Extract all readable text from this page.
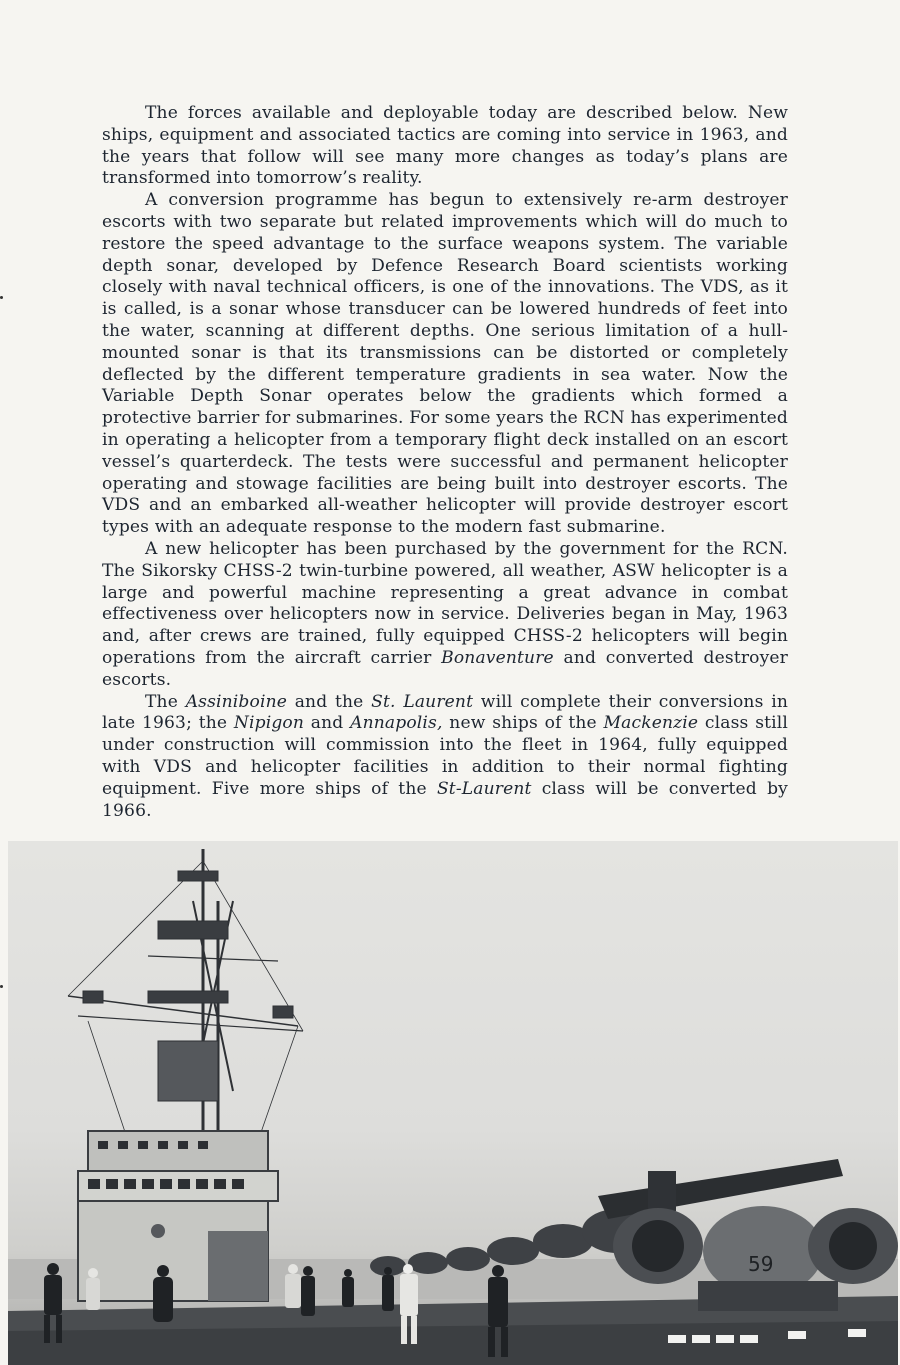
The forces available and deployable today are described below. New ships, equipment and associated tactics are coming into service in 1963, and the years that follow will see many more changes as today’s plans are transformed into tomorrow’s reality.

A conversion programme has begun to extensively re-arm destroyer escorts with two separate but related improvements which will do much to restore the speed advantage to the surface weapons system. The variable depth sonar, developed by Defence Research Board scientists working closely with naval technical officers, is one of the innovations. The VDS, as it is called, is a sonar whose transducer can be lowered hundreds of feet into the water, scanning at different depths. One serious limitation of a hull-mounted sonar is that its transmissions can be distorted or completely deflected by the different temperature gradients in sea water. Now the Variable Depth Sonar operates below the gradients which formed a protective barrier for submarines. For some years the RCN has experimented in operating a helicopter from a temporary flight deck installed on an escort vessel’s quarterdeck. The tests were successful and permanent helicopter operating and stowage facilities are being built into destroyer escorts. The VDS and an embarked all-weather helicopter will provide destroyer escort types with an adequate response to the modern fast submarine.

A new helicopter has been purchased by the government for the RCN. The Sikorsky CHSS-2 twin-turbine powered, all weather, ASW helicopter is a large and powerful machine representing a great advance in combat effectiveness over helicopters now in service. Deliveries began in May, 1963 and, after crews are trained, fully equipped CHSS-2 helicopters will begin operations from the aircraft carrier Bonaventure and converted destroyer escorts.

The Assiniboine and the St. Laurent will complete their conversions in late 1963; the Nipigon and Annapolis, new ships of the Mackenzie class still under construction will commission into the fleet in 1964, fully equipped with VDS and helicopter facilities in addition to their normal fighting equipment. Five more ships of the St-Laurent class will be converted by 1966.

59
